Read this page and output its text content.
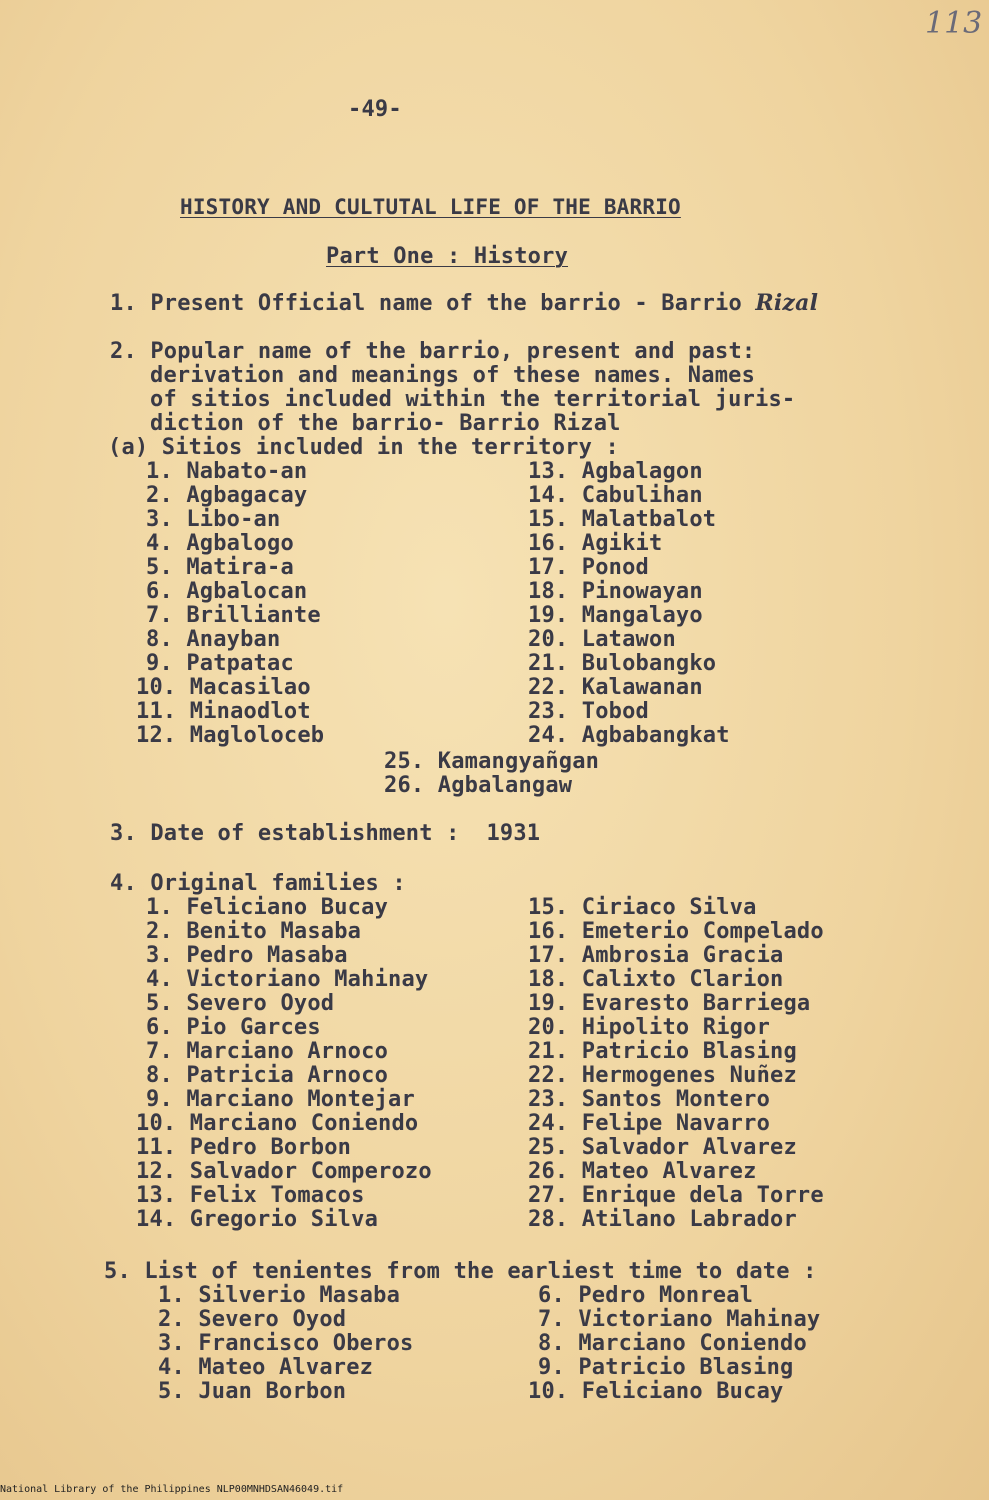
113
-49-
HISTORY AND CULTUTAL LIFE OF THE BARRIO
Part One : History
1. Present Official name of the barrio - Barrio Rizal
2. Popular name of the barrio, present and past:
derivation and meanings of these names. Names
of sitios included within the territorial juris-
diction of the barrio- Barrio Rizal
(a) Sitios included in the territory :
1. Nabato-an
2. Agbagacay
3. Libo-an
4. Agbalogo
5. Matira-a
6. Agbalocan
7. Brilliante
8. Anayban
9. Patpatac
10. Macasilao
11. Minaodlot
12. Magloloceb
13. Agbalagon
14. Cabulihan
15. Malatbalot
16. Agikit
17. Ponod
18. Pinowayan
19. Mangalayo
20. Latawon
21. Bulobangko
22. Kalawanan
23. Tobod
24. Agbabangkat
25. Kamangyañgan
26. Agbalangaw
3. Date of establishment : 1931
4. Original families :
1. Feliciano Bucay
2. Benito Masaba
3. Pedro Masaba
4. Victoriano Mahinay
5. Severo Oyod
6. Pio Garces
7. Marciano Arnoco
8. Patricia Arnoco
9. Marciano Montejar
10. Marciano Coniendo
11. Pedro Borbon
12. Salvador Comperozo
13. Felix Tomacos
14. Gregorio Silva
15. Ciriaco Silva
16. Emeterio Compelado
17. Ambrosia Gracia
18. Calixto Clarion
19. Evaresto Barriega
20. Hipolito Rigor
21. Patricio Blasing
22. Hermogenes Nuñez
23. Santos Montero
24. Felipe Navarro
25. Salvador Alvarez
26. Mateo Alvarez
27. Enrique dela Torre
28. Atilano Labrador
5. List of tenientes from the earliest time to date :
1. Silverio Masaba
2. Severo Oyod
3. Francisco Oberos
4. Mateo Alvarez
5. Juan Borbon
6. Pedro Monreal
7. Victoriano Mahinay
8. Marciano Coniendo
9. Patricio Blasing
10. Feliciano Bucay
National Library of the Philippines NLP00MNHDSAN46049.tif
